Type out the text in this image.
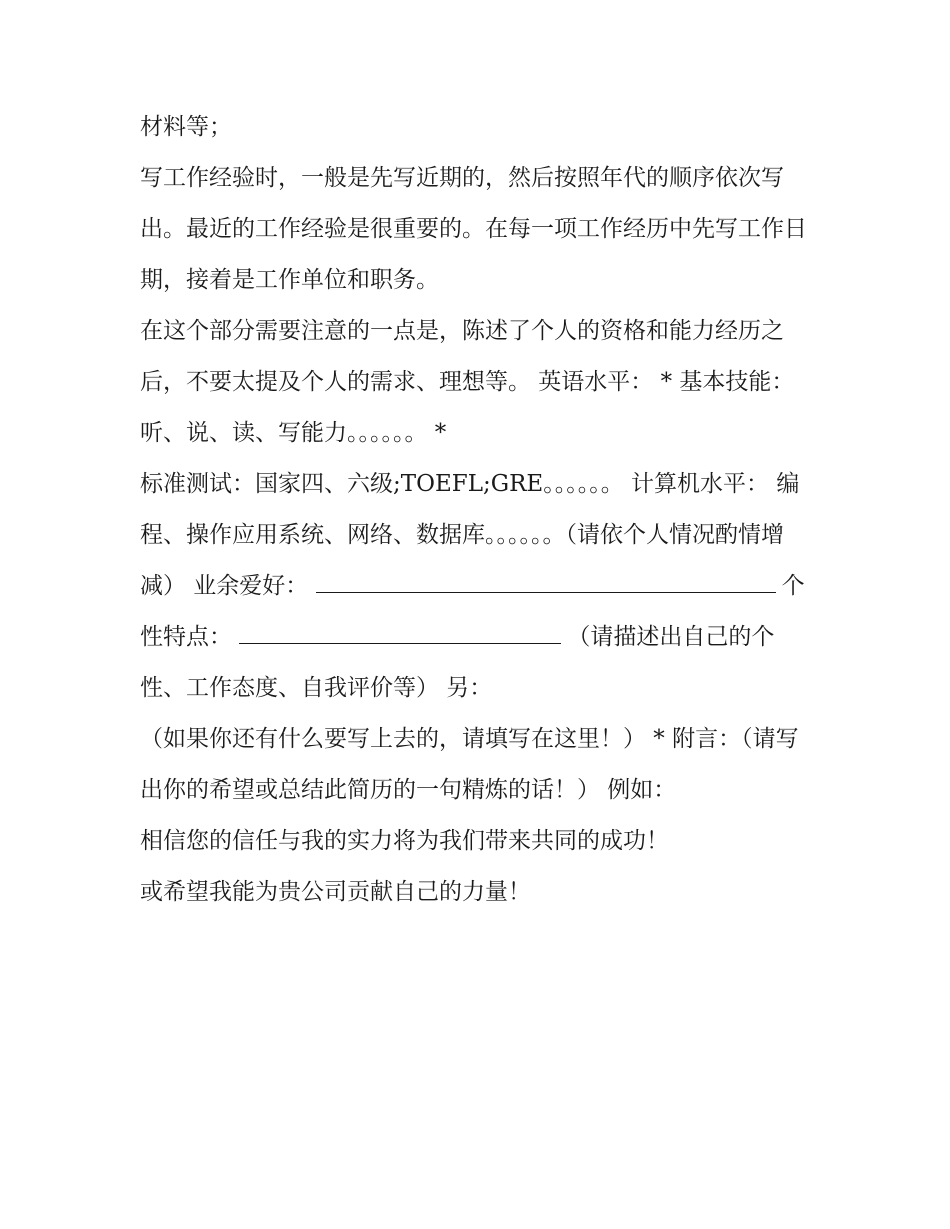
材料等；

写工作经验时，一般是先写近期的，然后按照年代的顺序依次写出。最近的工作经验是很重要的。在每一项工作经历中先写工作日期，接着是工作单位和职务。

在这个部分需要注意的一点是，陈述了个人的资格和能力经历之后，不要太提及个人的需求、理想等。 英语水平： * 基本技能：听、说、读、写能力。。。。。。 *

标准测试：国家四、六级;TOEFL;GRE。。。。。。 计算机水平： 编程、操作应用系统、网络、数据库。。。。。。（请依个人情况酌情增减） 业余爱好：	个性特点：	（请描述出自己的个性、工作态度、自我评价等） 另：

（如果你还有什么要写上去的，请填写在这里！） * 附言：（请写出你的希望或总结此简历的一句精炼的话！） 例如：

相信您的信任与我的实力将为我们带来共同的成功！

或希望我能为贵公司贡献自己的力量！
